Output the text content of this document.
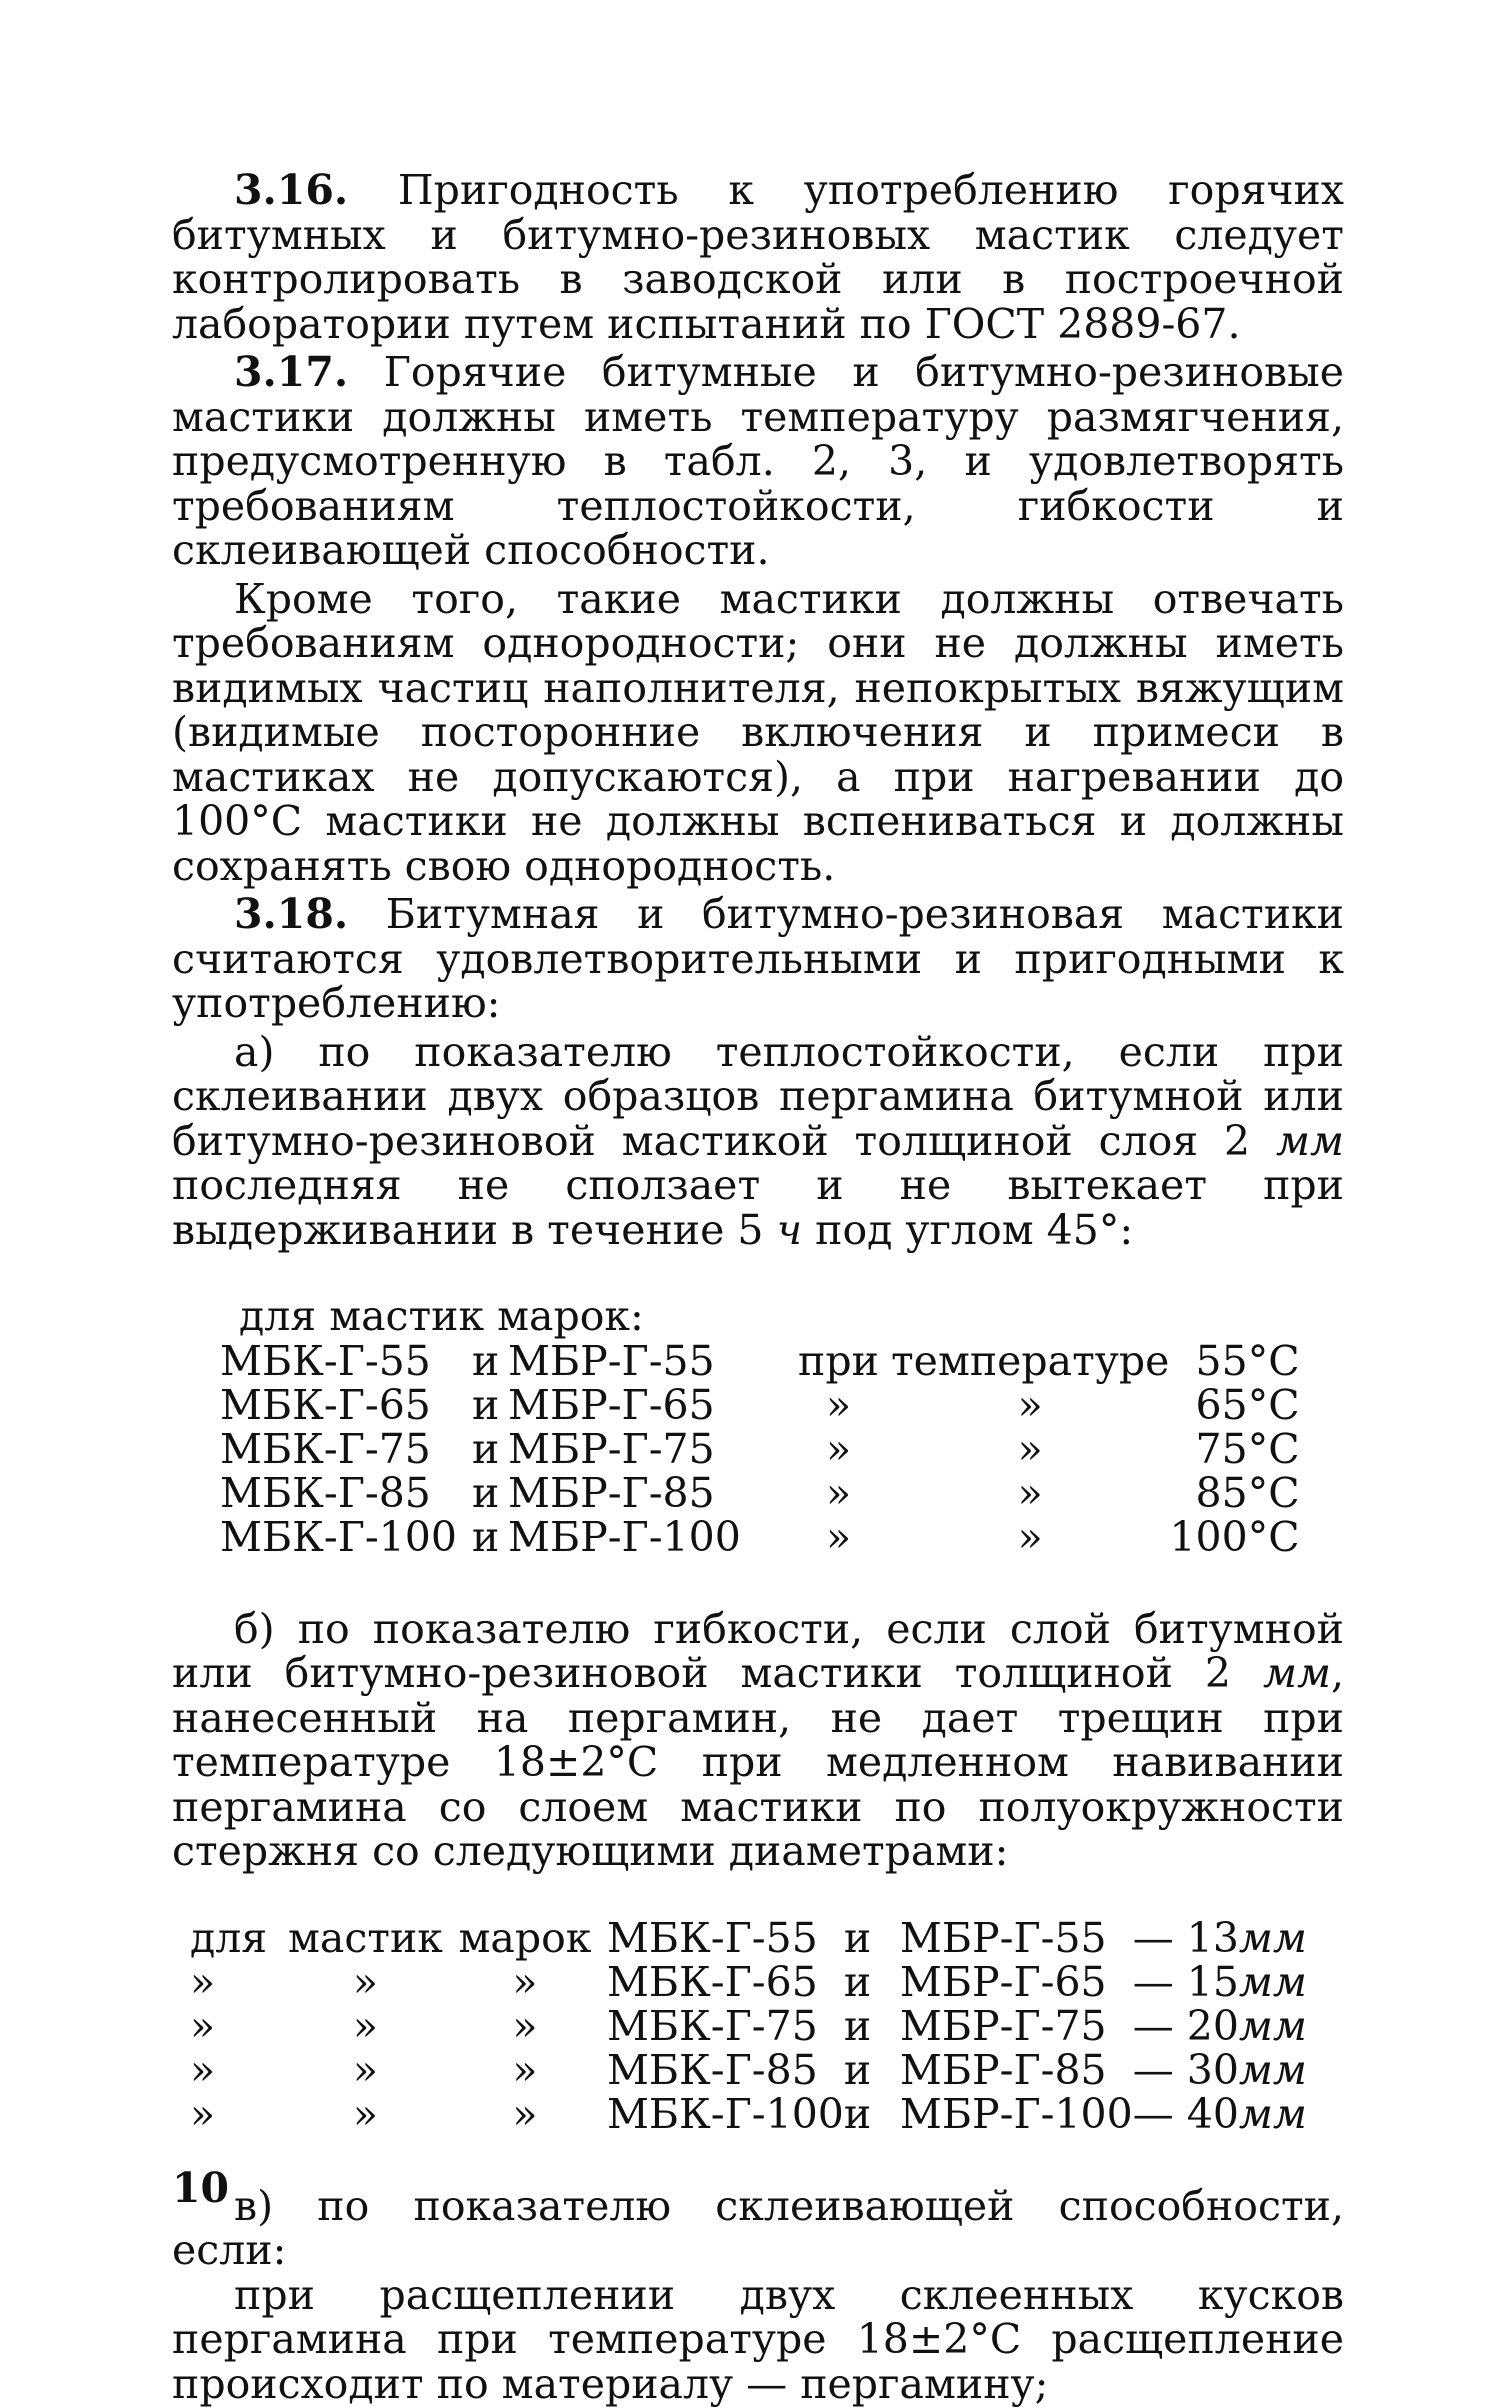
3.16. Пригодность к употреблению горячих битумных и битумно-резиновых мастик следует контролировать в заводской или в построечной лаборатории путем испытаний по ГОСТ 2889-67.

3.17. Горячие битумные и битумно-резиновые мастики должны иметь температуру размягчения, предусмотренную в табл. 2, 3, и удовлетворять требованиям теплостойкости, гибкости и склеивающей способности.

Кроме того, такие мастики должны отвечать требованиям однородности; они не должны иметь видимых частиц наполнителя, непокрытых вяжущим (видимые посторонние включения и примеси в мастиках не допускаются), а при нагревании до 100°С мастики не должны вспениваться и должны сохранять свою однородность.

3.18. Битумная и битумно-резиновая мастики считаются удовлетворительными и пригодными к употреблению:

а) по показателю теплостойкости, если при склеивании двух образцов пергамина битумной или битумно-резиновой мастикой толщиной слоя 2 мм последняя не сползает и не вытекает при выдерживании в течение 5 ч под углом 45°:

для мастик марок:

МБК-Г-55	и	МБР-Г-55	при	температуре	55°С
МБК-Г-65	и	МБР-Г-65	»	»	65°С
МБК-Г-75	и	МБР-Г-75	»	»	75°С
МБК-Г-85	и	МБР-Г-85	»	»	85°С
МБК-Г-100	и	МБР-Г-100	»	»	100°С

б) по показателю гибкости, если слой битумной или битумно-резиновой мастики толщиной 2 мм, нанесенный на пергамин, не дает трещин при температуре 18±2°С при медленном навивании пергамина со слоем мастики по полуокружности стержня со следующими диаметрами:

для	мастик	марок	МБК-Г-55	и	МБР-Г-55	— 13	мм
»	»	»	МБК-Г-65	и	МБР-Г-65	— 15	мм
»	»	»	МБК-Г-75	и	МБР-Г-75	— 20	мм
»	»	»	МБК-Г-85	и	МБР-Г-85	— 30	мм
»	»	»	МБК-Г-100	и	МБР-Г-100	— 40	мм

в) по показателю склеивающей способности, если:

при расщеплении двух склеенных кусков пергамина при температуре 18±2°С расщепление происходит по материалу — пергамину;

10
